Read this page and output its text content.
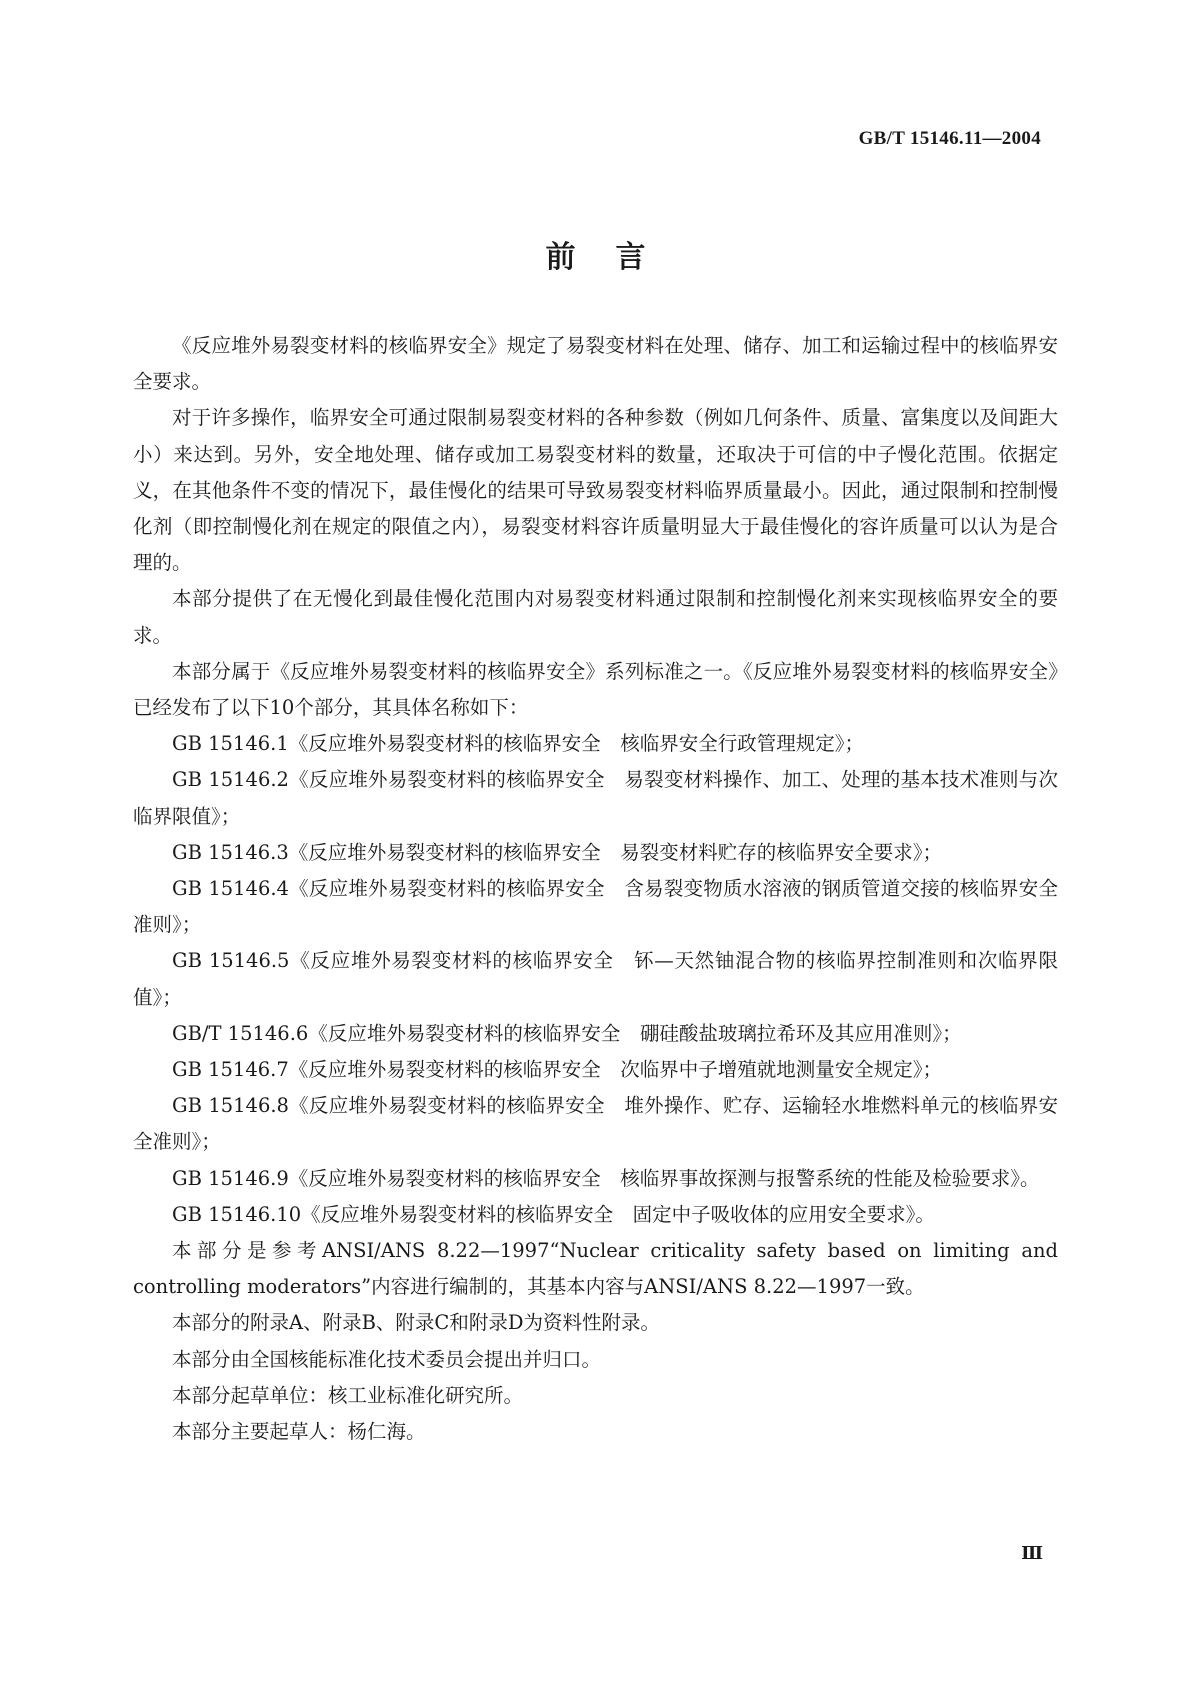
GB/T 15146.11—2004
前言

《反应堆外易裂变材料的核临界安全》规定了易裂变材料在处理、储存、加工和运输过程中的核临界安全要求。

对于许多操作，临界安全可通过限制易裂变材料的各种参数（例如几何条件、质量、富集度以及间距大小）来达到。另外，安全地处理、储存或加工易裂变材料的数量，还取决于可信的中子慢化范围。依据定义，在其他条件不变的情况下，最佳慢化的结果可导致易裂变材料临界质量最小。因此，通过限制和控制慢化剂（即控制慢化剂在规定的限值之内），易裂变材料容许质量明显大于最佳慢化的容许质量可以认为是合理的。

本部分提供了在无慢化到最佳慢化范围内对易裂变材料通过限制和控制慢化剂来实现核临界安全的要求。

本部分属于《反应堆外易裂变材料的核临界安全》系列标准之一。《反应堆外易裂变材料的核临界安全》已经发布了以下10个部分，其具体名称如下：

GB 15146.1《反应堆外易裂变材料的核临界安全　核临界安全行政管理规定》；

GB 15146.2《反应堆外易裂变材料的核临界安全　易裂变材料操作、加工、处理的基本技术准则与次临界限值》；

GB 15146.3《反应堆外易裂变材料的核临界安全　易裂变材料贮存的核临界安全要求》；

GB 15146.4《反应堆外易裂变材料的核临界安全　含易裂变物质水溶液的钢质管道交接的核临界安全准则》；

GB 15146.5《反应堆外易裂变材料的核临界安全　钚—天然铀混合物的核临界控制准则和次临界限值》；

GB/T 15146.6《反应堆外易裂变材料的核临界安全　硼硅酸盐玻璃拉希环及其应用准则》；

GB 15146.7《反应堆外易裂变材料的核临界安全　次临界中子增殖就地测量安全规定》；

GB 15146.8《反应堆外易裂变材料的核临界安全　堆外操作、贮存、运输轻水堆燃料单元的核临界安全准则》；

GB 15146.9《反应堆外易裂变材料的核临界安全　核临界事故探测与报警系统的性能及检验要求》。

GB 15146.10《反应堆外易裂变材料的核临界安全　固定中子吸收体的应用安全要求》。

本部分是参考ANSI/ANS 8.22—1997“Nuclear criticality safety based on limiting and controlling moderators”内容进行编制的，其基本内容与ANSI/ANS 8.22—1997一致。

本部分的附录A、附录B、附录C和附录D为资料性附录。

本部分由全国核能标准化技术委员会提出并归口。

本部分起草单位：核工业标准化研究所。

本部分主要起草人：杨仁海。

Ⅲ
